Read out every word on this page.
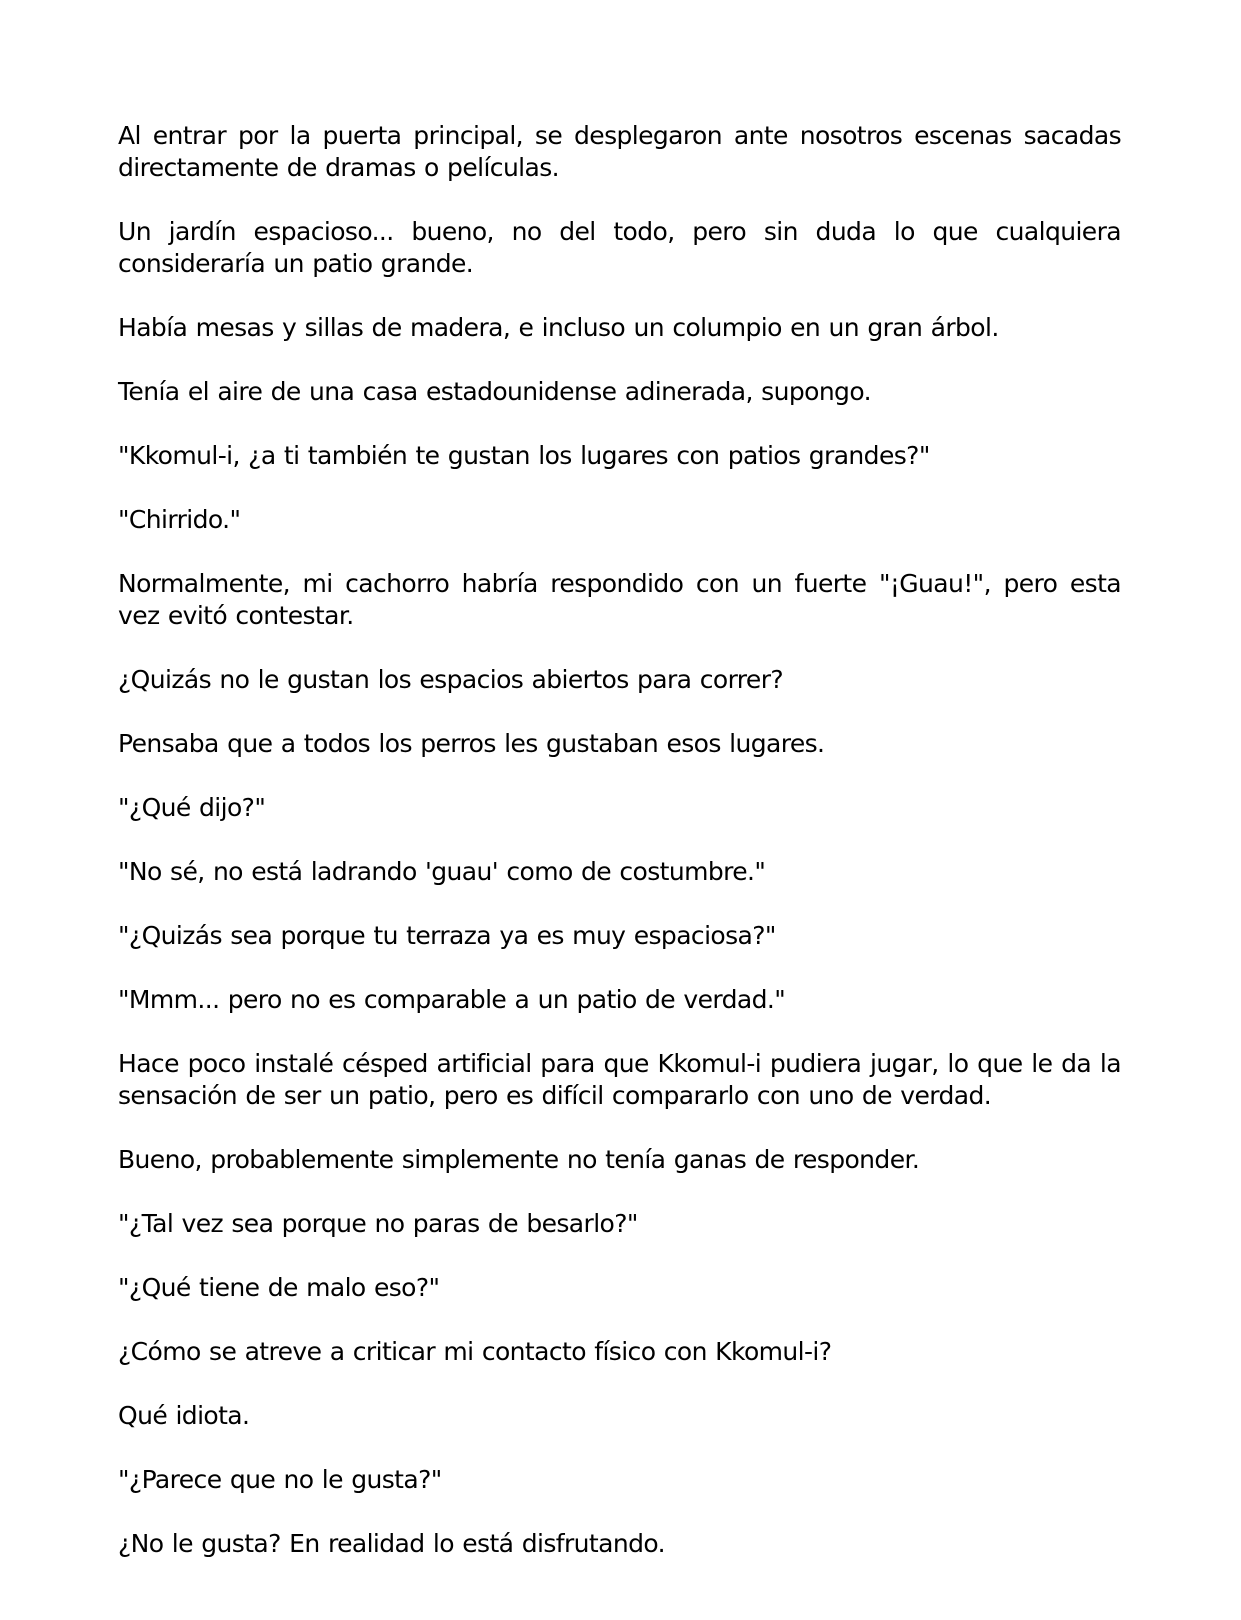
Al entrar por la puerta principal, se desplegaron ante nosotros escenas sacadas directamente de dramas o películas.

Un jardín espacioso... bueno, no del todo, pero sin duda lo que cualquiera consideraría un patio grande.

Había mesas y sillas de madera, e incluso un columpio en un gran árbol.

Tenía el aire de una casa estadounidense adinerada, supongo.

"Kkomul-i, ¿a ti también te gustan los lugares con patios grandes?"

"Chirrido."

Normalmente, mi cachorro habría respondido con un fuerte "¡Guau!", pero esta vez evitó contestar.

¿Quizás no le gustan los espacios abiertos para correr?

Pensaba que a todos los perros les gustaban esos lugares.

"¿Qué dijo?"

"No sé, no está ladrando 'guau' como de costumbre."

"¿Quizás sea porque tu terraza ya es muy espaciosa?"

"Mmm... pero no es comparable a un patio de verdad."

Hace poco instalé césped artificial para que Kkomul-i pudiera jugar, lo que le da la sensación de ser un patio, pero es difícil compararlo con uno de verdad.

Bueno, probablemente simplemente no tenía ganas de responder.

"¿Tal vez sea porque no paras de besarlo?"

"¿Qué tiene de malo eso?"

¿Cómo se atreve a criticar mi contacto físico con Kkomul-i?

Qué idiota.

"¿Parece que no le gusta?"

¿No le gusta? En realidad lo está disfrutando.
